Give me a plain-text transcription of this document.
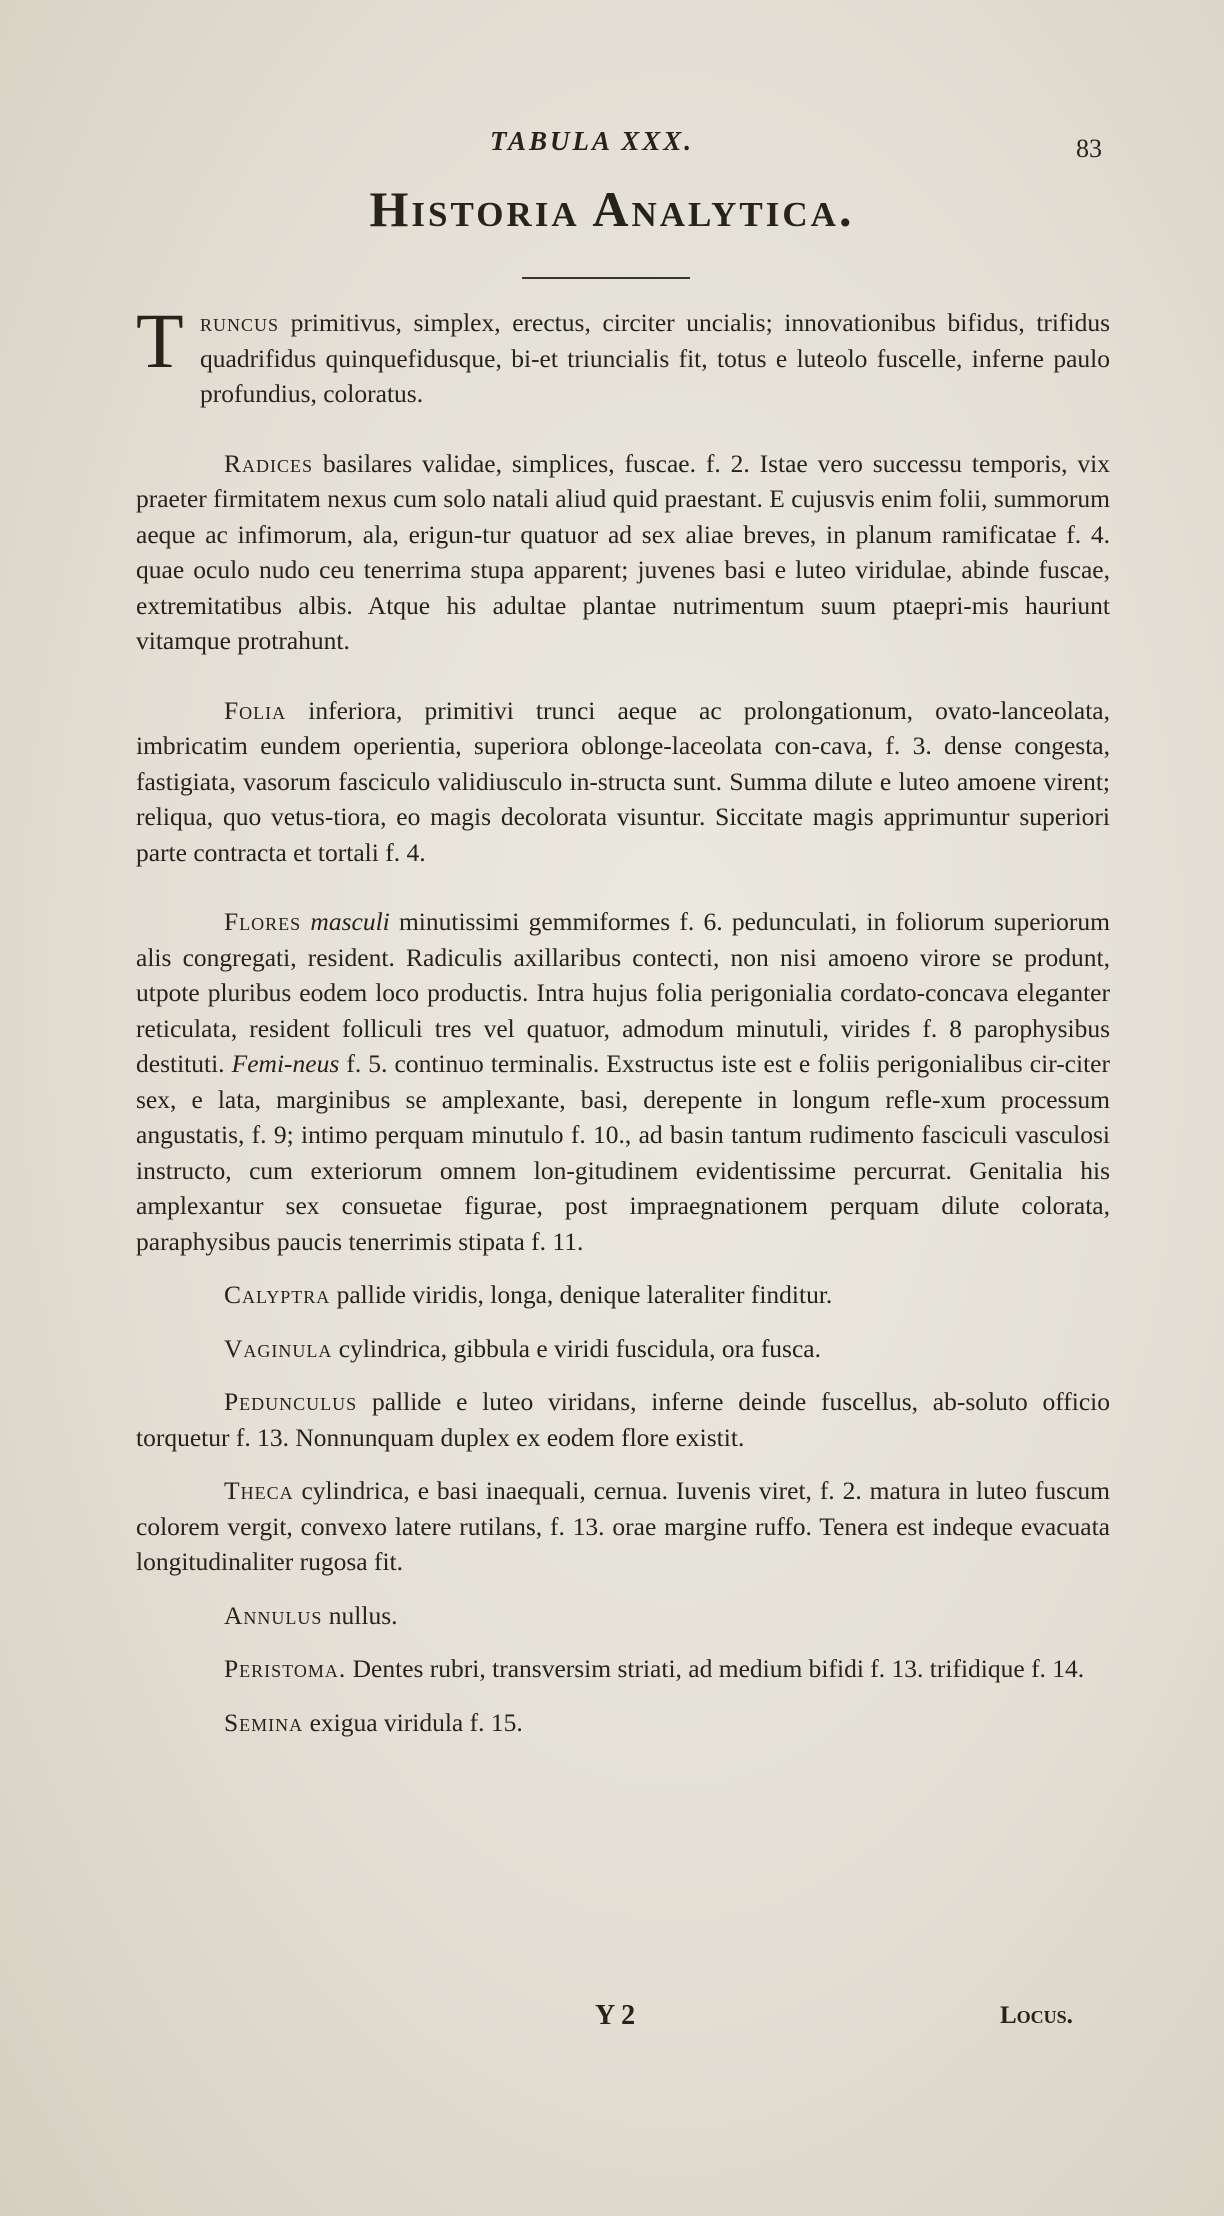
TABULA XXX.	83
Historia Analytica.

T runcus primitivus, simplex, erectus, circiter uncialis; innovationibus bifidus, trifidus quadrifidus quinquefidusque, bi-et triuncialis fit, totus e luteolo fuscelle, inferne paulo profundius, coloratus.

Radices basilares validae, simplices, fuscae. f. 2. Istae vero successu temporis, vix praeter firmitatem nexus cum solo natali aliud quid praestant. E cujusvis enim folii, summorum aeque ac infimorum, ala, erigun-tur quatuor ad sex aliae breves, in planum ramificatae f. 4. quae oculo nudo ceu tenerrima stupa apparent; juvenes basi e luteo viridulae, abinde fuscae, extremitatibus albis. Atque his adultae plantae nutrimentum suum ptaepri-mis hauriunt vitamque protrahunt.

Folia inferiora, primitivi trunci aeque ac prolongationum, ovato-lanceolata, imbricatim eundem operientia, superiora oblonge-laceolata con-cava, f. 3. dense congesta, fastigiata, vasorum fasciculo validiusculo in-structa sunt. Summa dilute e luteo amoene virent; reliqua, quo vetus-tiora, eo magis decolorata visuntur. Siccitate magis apprimuntur superiori parte contracta et tortali f. 4.

Flores masculi minutissimi gemmiformes f. 6. pedunculati, in foliorum superiorum alis congregati, resident. Radiculis axillaribus contecti, non nisi amoeno virore se produnt, utpote pluribus eodem loco productis. Intra hujus folia perigonialia cordato-concava eleganter reticulata, resident folliculi tres vel quatuor, admodum minutuli, virides f. 8 parophysibus destituti. Femi-neus f. 5. continuo terminalis. Exstructus iste est e foliis perigonialibus cir-citer sex, e lata, marginibus se amplexante, basi, derepente in longum refle-xum processum angustatis, f. 9; intimo perquam minutulo f. 10., ad basin tantum rudimento fasciculi vasculosi instructo, cum exteriorum omnem lon-gitudinem evidentissime percurrat. Genitalia his amplexantur sex consuetae figurae, post impraegnationem perquam dilute colorata, paraphysibus paucis tenerrimis stipata f. 11.

Calyptra pallide viridis, longa, denique lateraliter finditur.

Vaginula cylindrica, gibbula e viridi fuscidula, ora fusca.

Pedunculus pallide e luteo viridans, inferne deinde fuscellus, ab-soluto officio torquetur f. 13. Nonnunquam duplex ex eodem flore existit.

Theca cylindrica, e basi inaequali, cernua. Iuvenis viret, f. 2. matura in luteo fuscum colorem vergit, convexo latere rutilans, f. 13. orae margine ruffo. Tenera est indeque evacuata longitudinaliter rugosa fit.

Annulus nullus.

Peristoma. Dentes rubri, transversim striati, ad medium bifidi f. 13. trifidique f. 14.

Semina exigua viridula f. 15.

Y 2	Locus.
